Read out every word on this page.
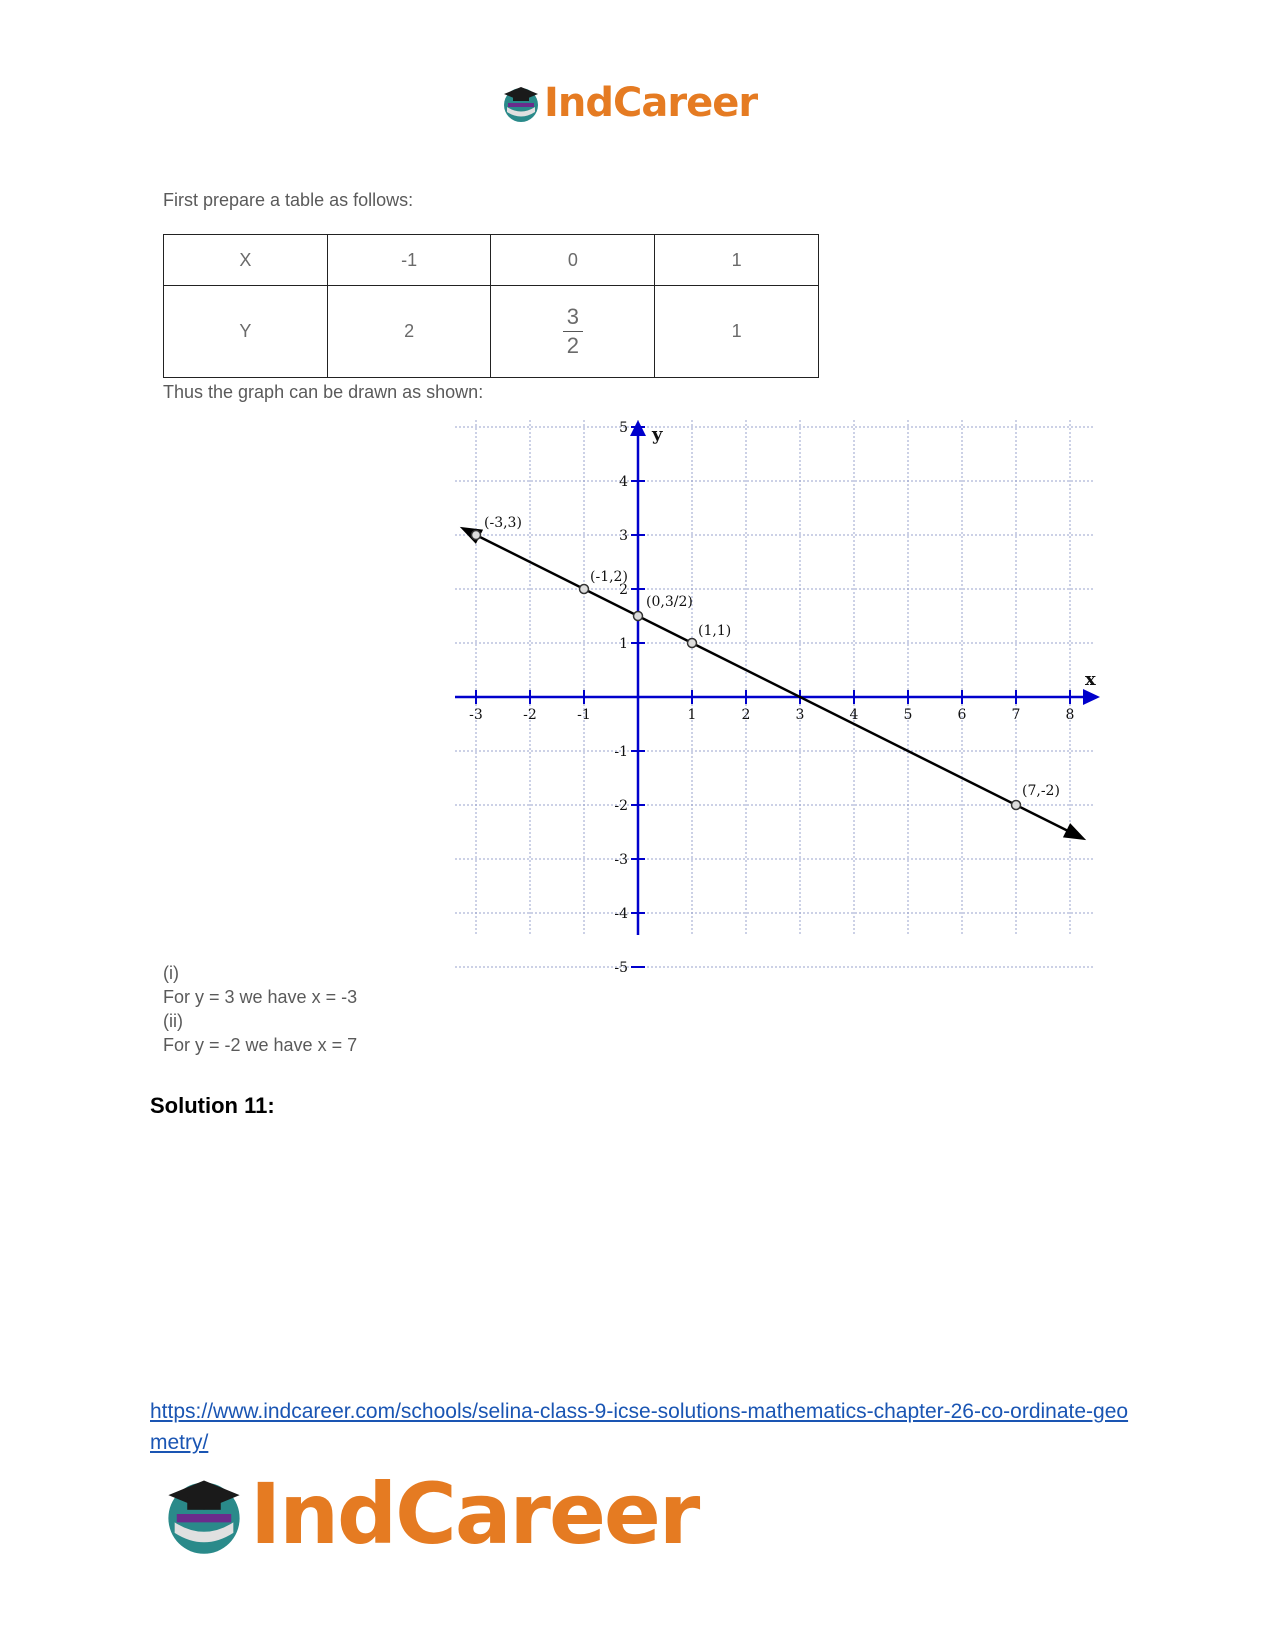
IndCareer
First prepare a table as follows:
X	-1	0	1
Y	2	$\frac{3}{2}$	1
Thus the graph can be drawn as shown:
x
y
-3	-2	-1	1	2	3	4	5	6	7	8
-5
-4
-3
-2
-1
1
2
3
4
5
(-3,3)
(-1,2)
(0,3/2)
(1,1)
(7,-2)
(i)
For y = 3 we have x = -3
(ii)
For y = -2 we have x = 7
Solution 11:
https://www.indcareer.com/schools/selina-class-9-icse-solutions-mathematics-chapter-26-co-ordinate-geometry/
IndCareer
